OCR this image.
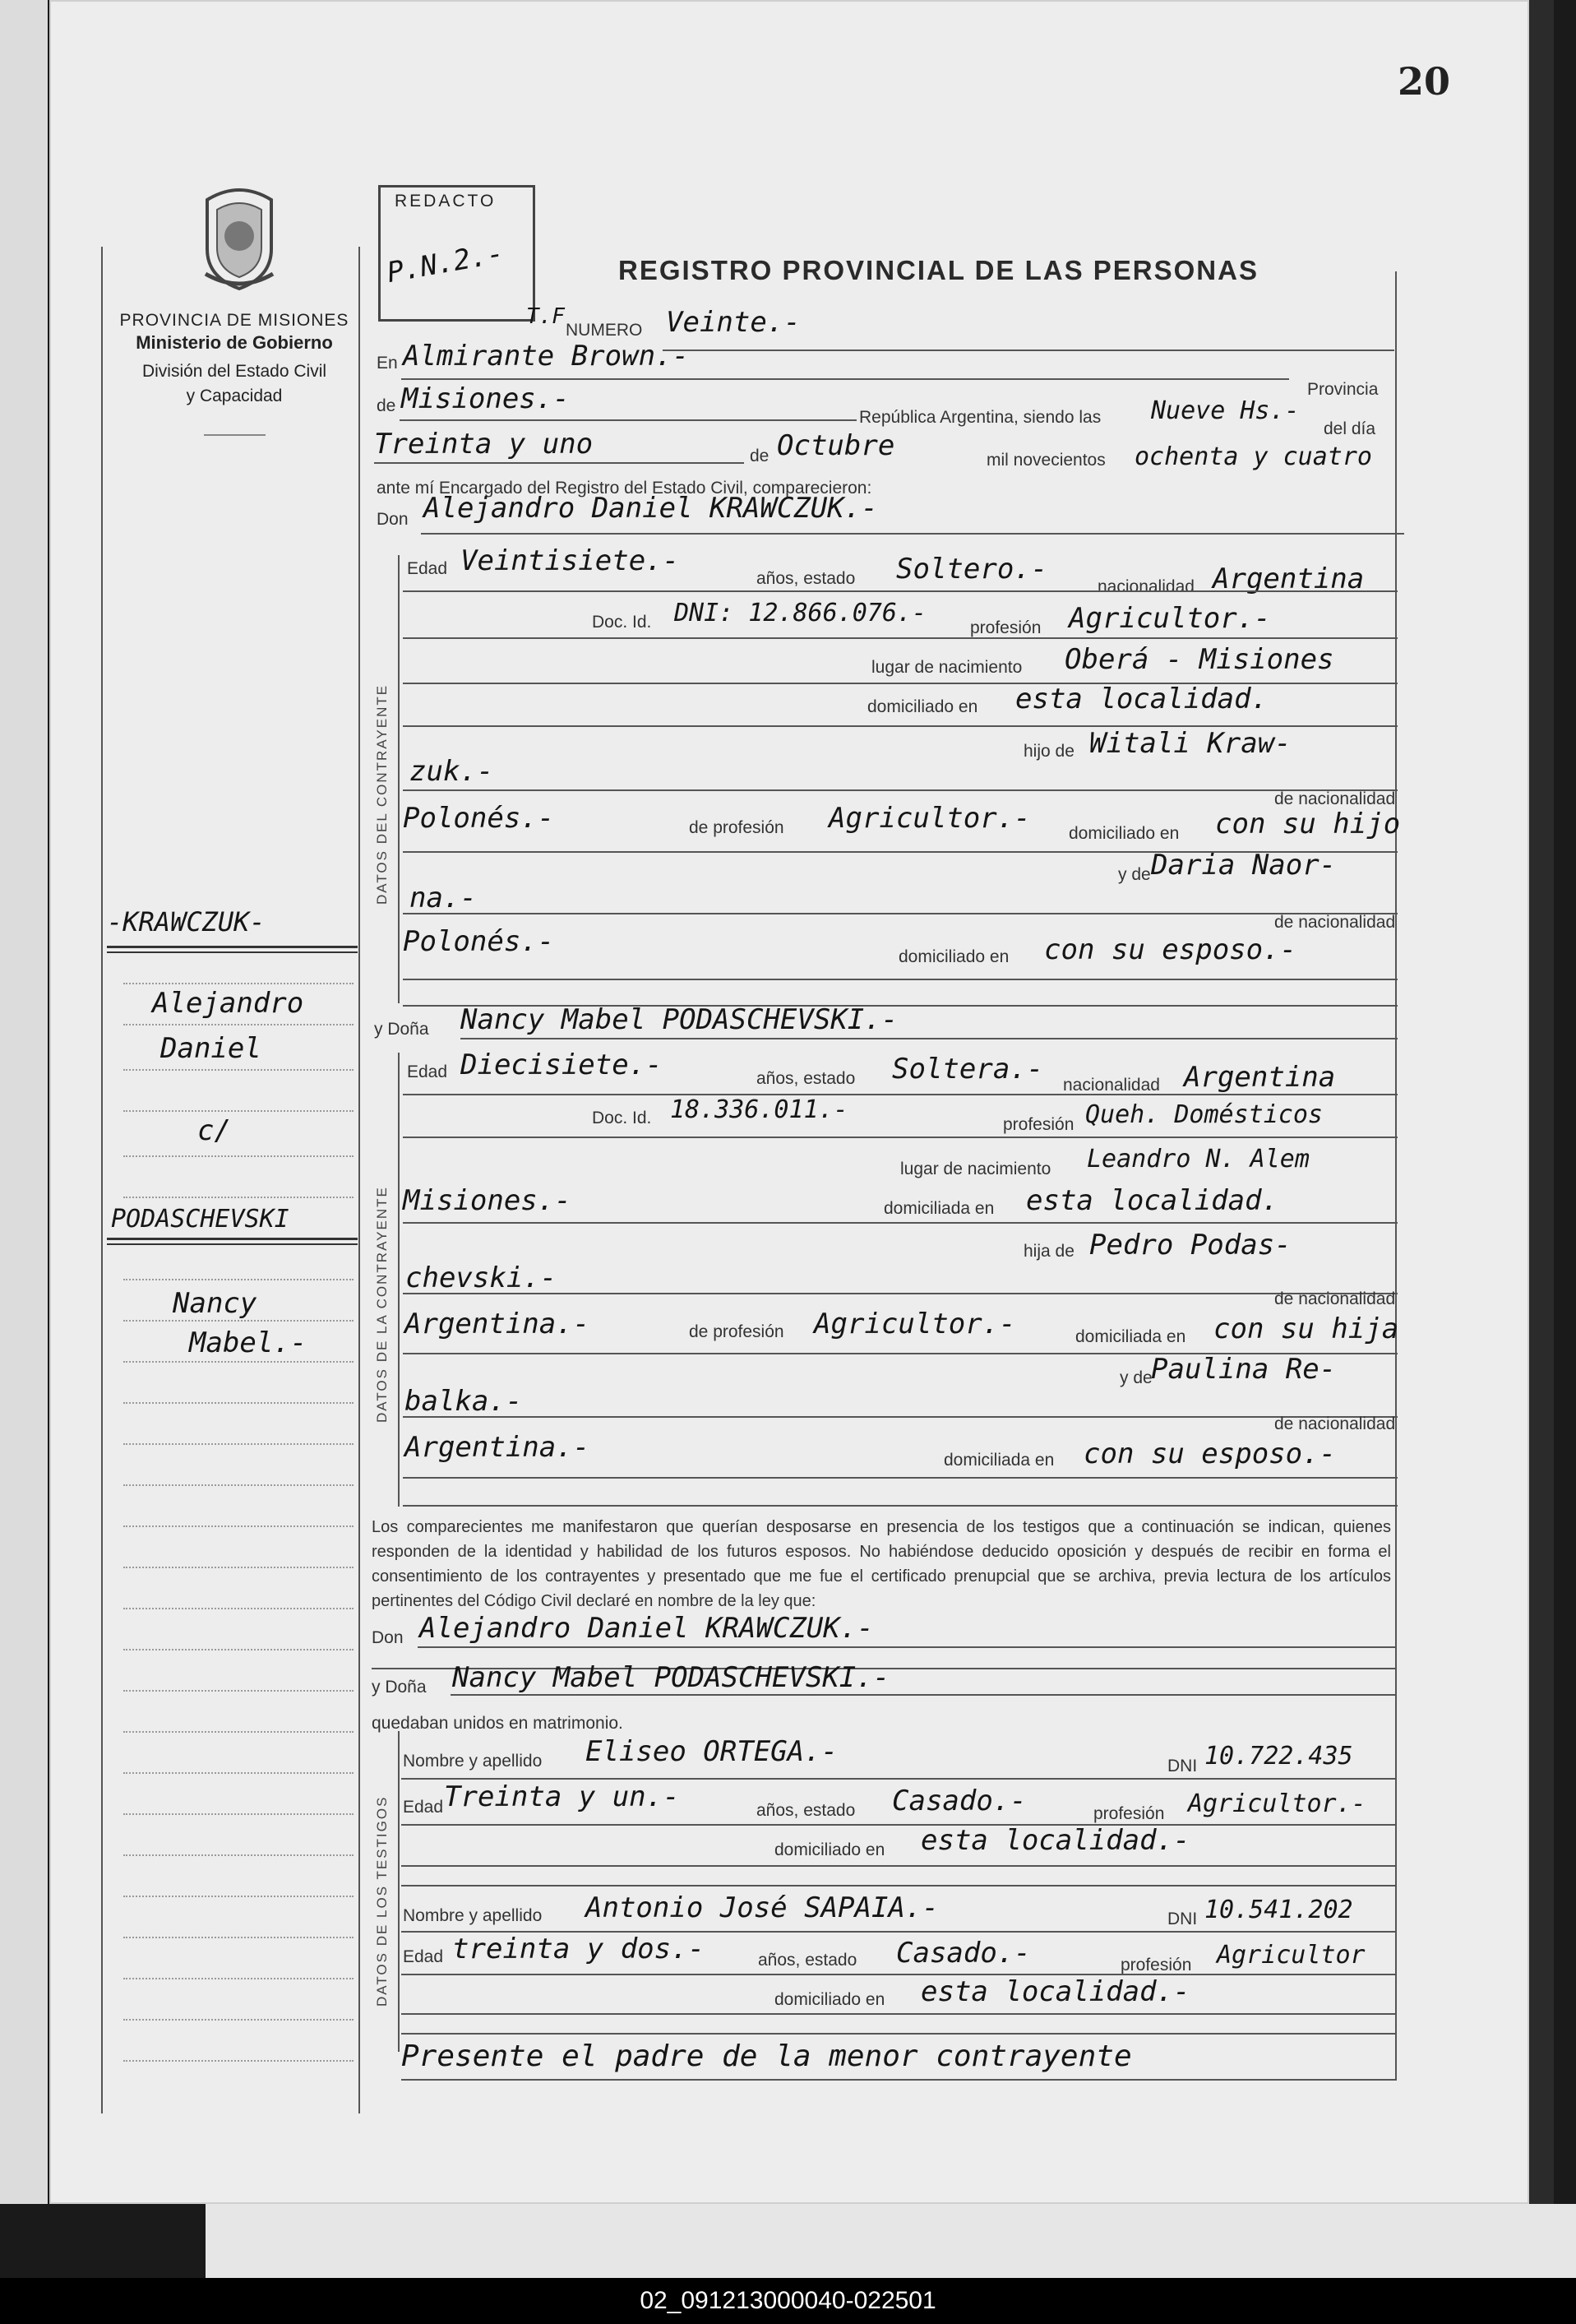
20
PROVINCIA DE MISIONES
Ministerio de Gobierno
División del Estado Civil
y Capacidad
REDACTO
P.N.2.-	REGISTRO PROVINCIAL DE LAS PERSONAS
T.F
NUMERO Veinte.-
En Almirante Brown.-
Provincia
de Misiones.-
República Argentina, siendo las Nueve Hs.-
del día
Treinta y uno	de Octubre	mil novecientos ochenta y cuatro
ante mí Encargado del Registro del Estado Civil, comparecieron:
Don Alejandro Daniel KRAWCZUK.-
DATOS DEL CONTRAYENTE
Edad Veintisiete.-
años, estado Soltero.-
nacionalidad Argentina
Doc. Id. DNI: 12.866.076.-
profesión Agricultor.-
lugar de nacimiento Oberá - Misiones
domiciliado en esta localidad.
hijo de Witali Kraw-
zuk.-
de nacionalidad
Polonés.-	de profesión Agricultor.- domiciliado en con su hijo
y de Daria Naor-
na.-
de nacionalidad
Polonés.-	domiciliado en con su esposo.-
y Doña Nancy Mabel PODASCHEVSKI.-
DATOS DE LA CONTRAYENTE
Edad Diecisiete.-	años, estado Soltera.- nacionalidad Argentina
Doc. Id. 18.336.011.-
profesión Queh. Domésticos
lugar de nacimiento Leandro N. Alem
Misiones.-	domiciliada en esta localidad.
hija de Pedro Podas-
chevski.-
de nacionalidad
Argentina.-	de profesión Agricultor.-	domiciliada en con su hija
y de
Paulina Re-
balka.-
de nacionalidad
Argentina.-	domiciliada en con su esposo.-
Los comparecientes me manifestaron que querían desposarse en presencia de los testigos que a continuación se indican, quienes responden de la identidad y habilidad de los futuros esposos. No habiéndose deducido oposición y después de recibir en forma el consentimiento de los contrayentes y presentado que me fue el certificado prenupcial que se archiva, previa lectura de los artículos pertinentes del Código Civil declaré en nombre de la ley que:
Don Alejandro Daniel KRAWCZUK.-
y Doña Nancy Mabel PODASCHEVSKI.-
quedaban unidos en matrimonio.
DATOS DE LOS TESTIGOS
Nombre y apellido Eliseo ORTEGA.-	DNI 10.722.435
Edad Treinta y un.-	años, estado Casado.-	profesión Agricultor.-
domiciliado en esta localidad.-
Nombre y apellido Antonio José SAPAIA.-	DNI 10.541.202
Edad treinta y dos.-	años, estado Casado.-	profesión Agricultor
domiciliado en esta localidad.-
Presente el padre de la menor contrayente
-KRAWCZUK-
Alejandro
Daniel
c/
PODASCHEVSKI
Nancy
Mabel.-
02_091213000040-022501
